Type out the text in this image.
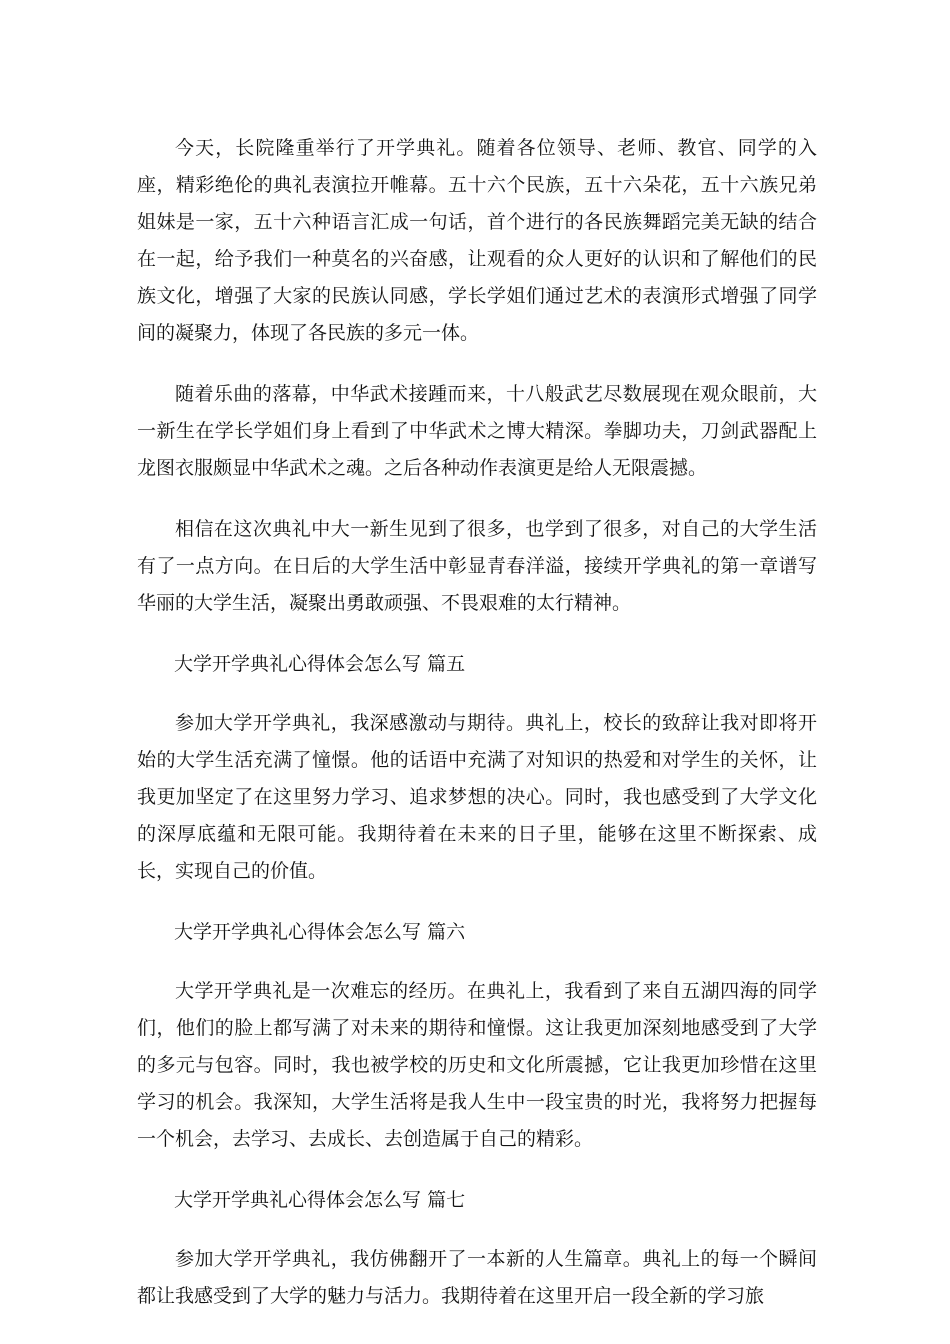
今天，长院隆重举行了开学典礼。随着各位领导、老师、教官、同学的入座，精彩绝伦的典礼表演拉开帷幕。五十六个民族，五十六朵花，五十六族兄弟姐妹是一家，五十六种语言汇成一句话，首个进行的各民族舞蹈完美无缺的结合在一起，给予我们一种莫名的兴奋感，让观看的众人更好的认识和了解他们的民族文化，增强了大家的民族认同感，学长学姐们通过艺术的表演形式增强了同学间的凝聚力，体现了各民族的多元一体。

随着乐曲的落幕，中华武术接踵而来，十八般武艺尽数展现在观众眼前，大一新生在学长学姐们身上看到了中华武术之博大精深。拳脚功夫，刀剑武器配上龙图衣服颇显中华武术之魂。之后各种动作表演更是给人无限震撼。

相信在这次典礼中大一新生见到了很多，也学到了很多，对自己的大学生活有了一点方向。在日后的大学生活中彰显青春洋溢，接续开学典礼的第一章谱写华丽的大学生活，凝聚出勇敢顽强、不畏艰难的太行精神。

大学开学典礼心得体会怎么写 篇五

参加大学开学典礼，我深感激动与期待。典礼上，校长的致辞让我对即将开始的大学生活充满了憧憬。他的话语中充满了对知识的热爱和对学生的关怀，让我更加坚定了在这里努力学习、追求梦想的决心。同时，我也感受到了大学文化的深厚底蕴和无限可能。我期待着在未来的日子里，能够在这里不断探索、成长，实现自己的价值。

大学开学典礼心得体会怎么写 篇六

大学开学典礼是一次难忘的经历。在典礼上，我看到了来自五湖四海的同学们，他们的脸上都写满了对未来的期待和憧憬。这让我更加深刻地感受到了大学的多元与包容。同时，我也被学校的历史和文化所震撼，它让我更加珍惜在这里学习的机会。我深知，大学生活将是我人生中一段宝贵的时光，我将努力把握每一个机会，去学习、去成长、去创造属于自己的精彩。

大学开学典礼心得体会怎么写 篇七

参加大学开学典礼，我仿佛翻开了一本新的人生篇章。典礼上的每一个瞬间都让我感受到了大学的魅力与活力。我期待着在这里开启一段全新的学习旅
